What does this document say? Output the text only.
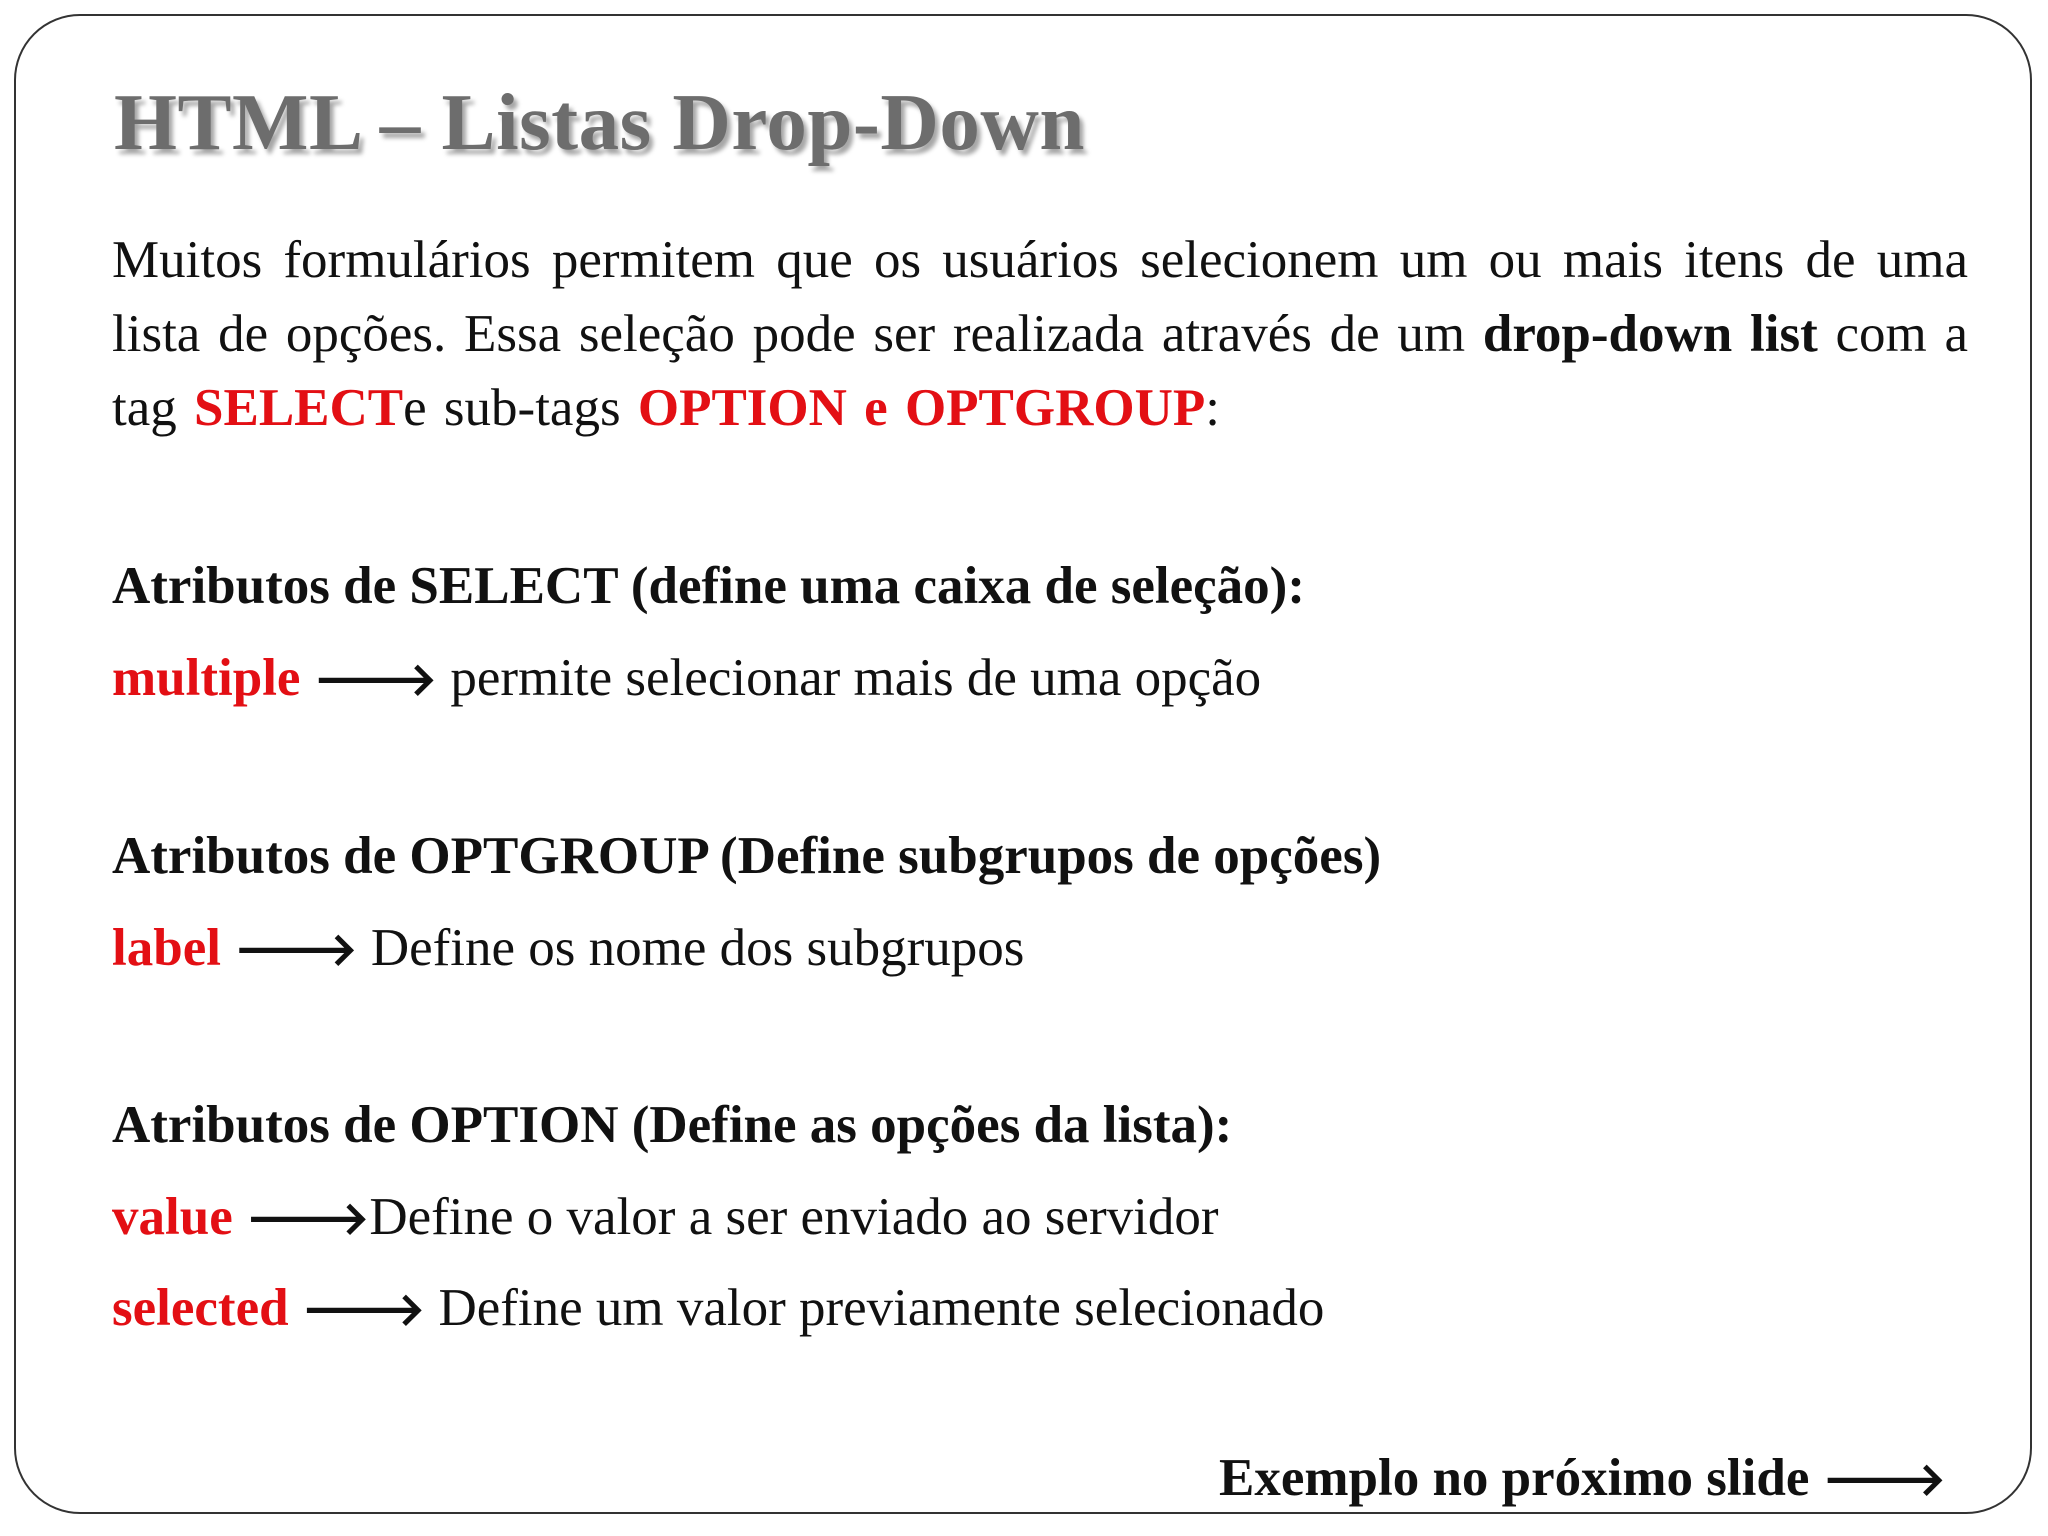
HTML – Listas Drop-Down

Muitos formulários permitem que os usuários selecionem um ou mais itens de uma lista de opções. Essa seleção pode ser realizada através de um drop-down list com a tag SELECTe sub-tags OPTION e OPTGROUP:

Atributos de SELECT (define uma caixa de seleção):

multiple 🡒 permite selecionar mais de uma opção

Atributos de OPTGROUP (Define subgrupos de opções)

label 🡒 Define os nome dos subgrupos

Atributos de OPTION (Define as opções da lista):

value 🡒Define o valor a ser enviado ao servidor

selected 🡒 Define um valor previamente selecionado

Exemplo no próximo slide 🡒
